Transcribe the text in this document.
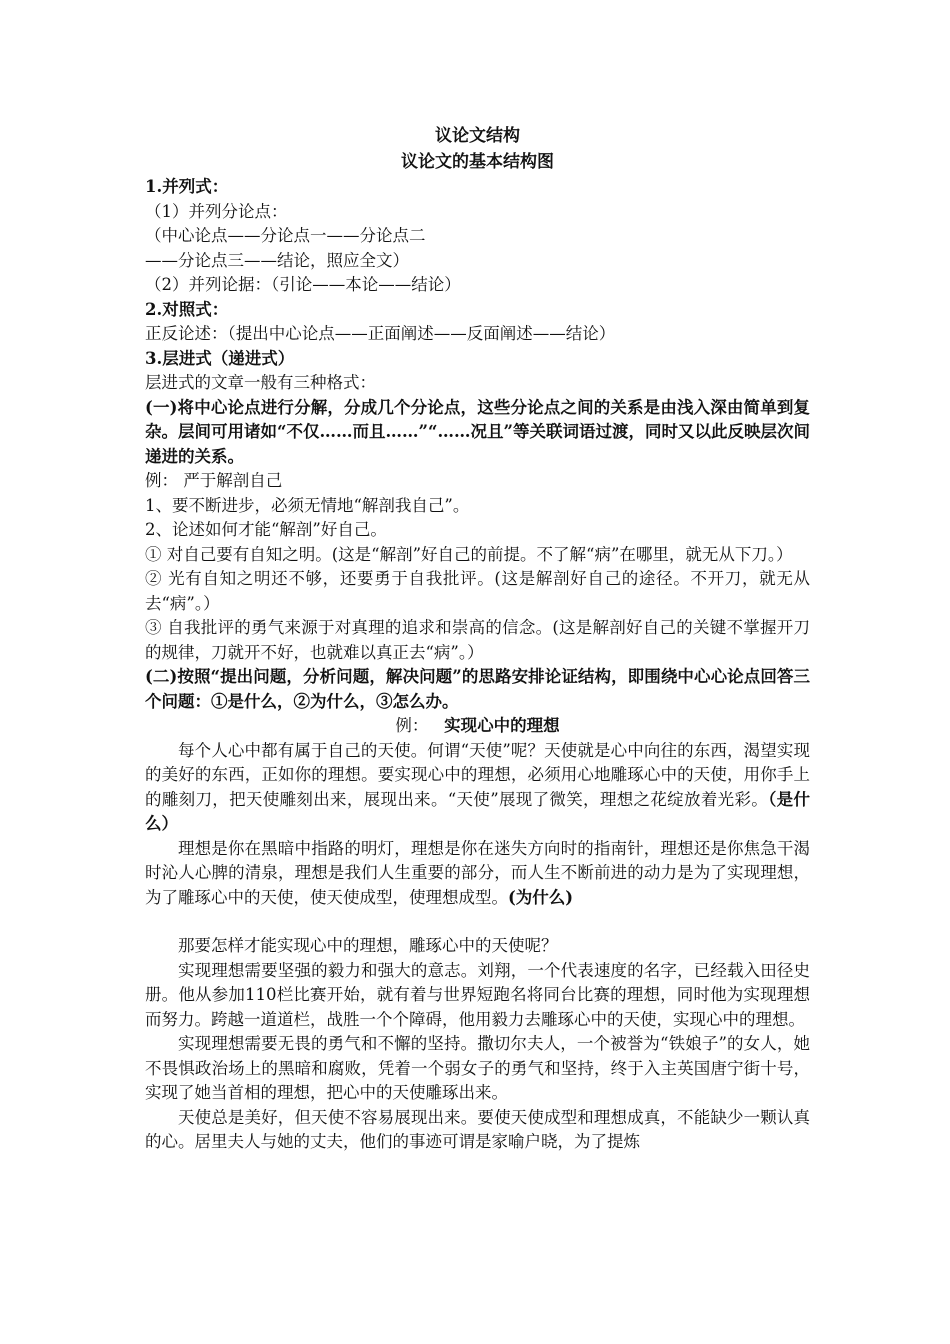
议论文结构
议论文的基本结构图
1.并列式：
（1）并列分论点：
（中心论点——分论点一——分论点二
——分论点三——结论，照应全文）
（2）并列论据：（引论——本论——结论）
2.对照式：
正反论述：（提出中心论点——正面阐述——反面阐述——结论）
3.层进式（递进式）
层进式的文章一般有三种格式：

(一)将中心论点进行分解，分成几个分论点，这些分论点之间的关系是由浅入深由简单到复杂。层间可用诸如“不仅……而且……”“……况且”等关联词语过渡，同时又以此反映层次间递进的关系。

例： 严于解剖自己
1、要不断进步，必须无情地“解剖我自己”。
2、论述如何才能“解剖”好自己。

① 对自己要有自知之明。(这是“解剖”好自己的前提。不了解“病”在哪里，就无从下刀。）

② 光有自知之明还不够，还要勇于自我批评。(这是解剖好自己的途径。不开刀，就无从去“病”。）

③ 自我批评的勇气来源于对真理的追求和崇高的信念。(这是解剖好自己的关键不掌握开刀的规律，刀就开不好，也就难以真正去“病”。）

(二)按照“提出问题，分析问题，解决问题”的思路安排论证结构，即围绕中心心论点回答三个问题：①是什么，②为什么，③怎么办。

例： 实现心中的理想

每个人心中都有属于自己的天使。何谓“天使”呢？天使就是心中向往的东西，渴望实现的美好的东西，正如你的理想。要实现心中的理想，必须用心地雕琢心中的天使，用你手上的雕刻刀，把天使雕刻出来，展现出来。“天使”展现了微笑，理想之花绽放着光彩。（是什么）

理想是你在黑暗中指路的明灯，理想是你在迷失方向时的指南针，理想还是你焦急干渴时沁人心脾的清泉，理想是我们人生重要的部分，而人生不断前进的动力是为了实现理想，为了雕琢心中的天使，使天使成型，使理想成型。(为什么)

那要怎样才能实现心中的理想，雕琢心中的天使呢？

实现理想需要坚强的毅力和强大的意志。刘翔，一个代表速度的名字，已经载入田径史册。他从参加110栏比赛开始，就有着与世界短跑名将同台比赛的理想，同时他为实现理想而努力。跨越一道道栏，战胜一个个障碍，他用毅力去雕琢心中的天使，实现心中的理想。

实现理想需要无畏的勇气和不懈的坚持。撒切尔夫人，一个被誉为“铁娘子”的女人，她不畏惧政治场上的黑暗和腐败，凭着一个弱女子的勇气和坚持，终于入主英国唐宁街十号，实现了她当首相的理想，把心中的天使雕琢出来。

天使总是美好，但天使不容易展现出来。要使天使成型和理想成真，不能缺少一颗认真的心。居里夫人与她的丈夫，他们的事迹可谓是家喻户晓，为了提炼
